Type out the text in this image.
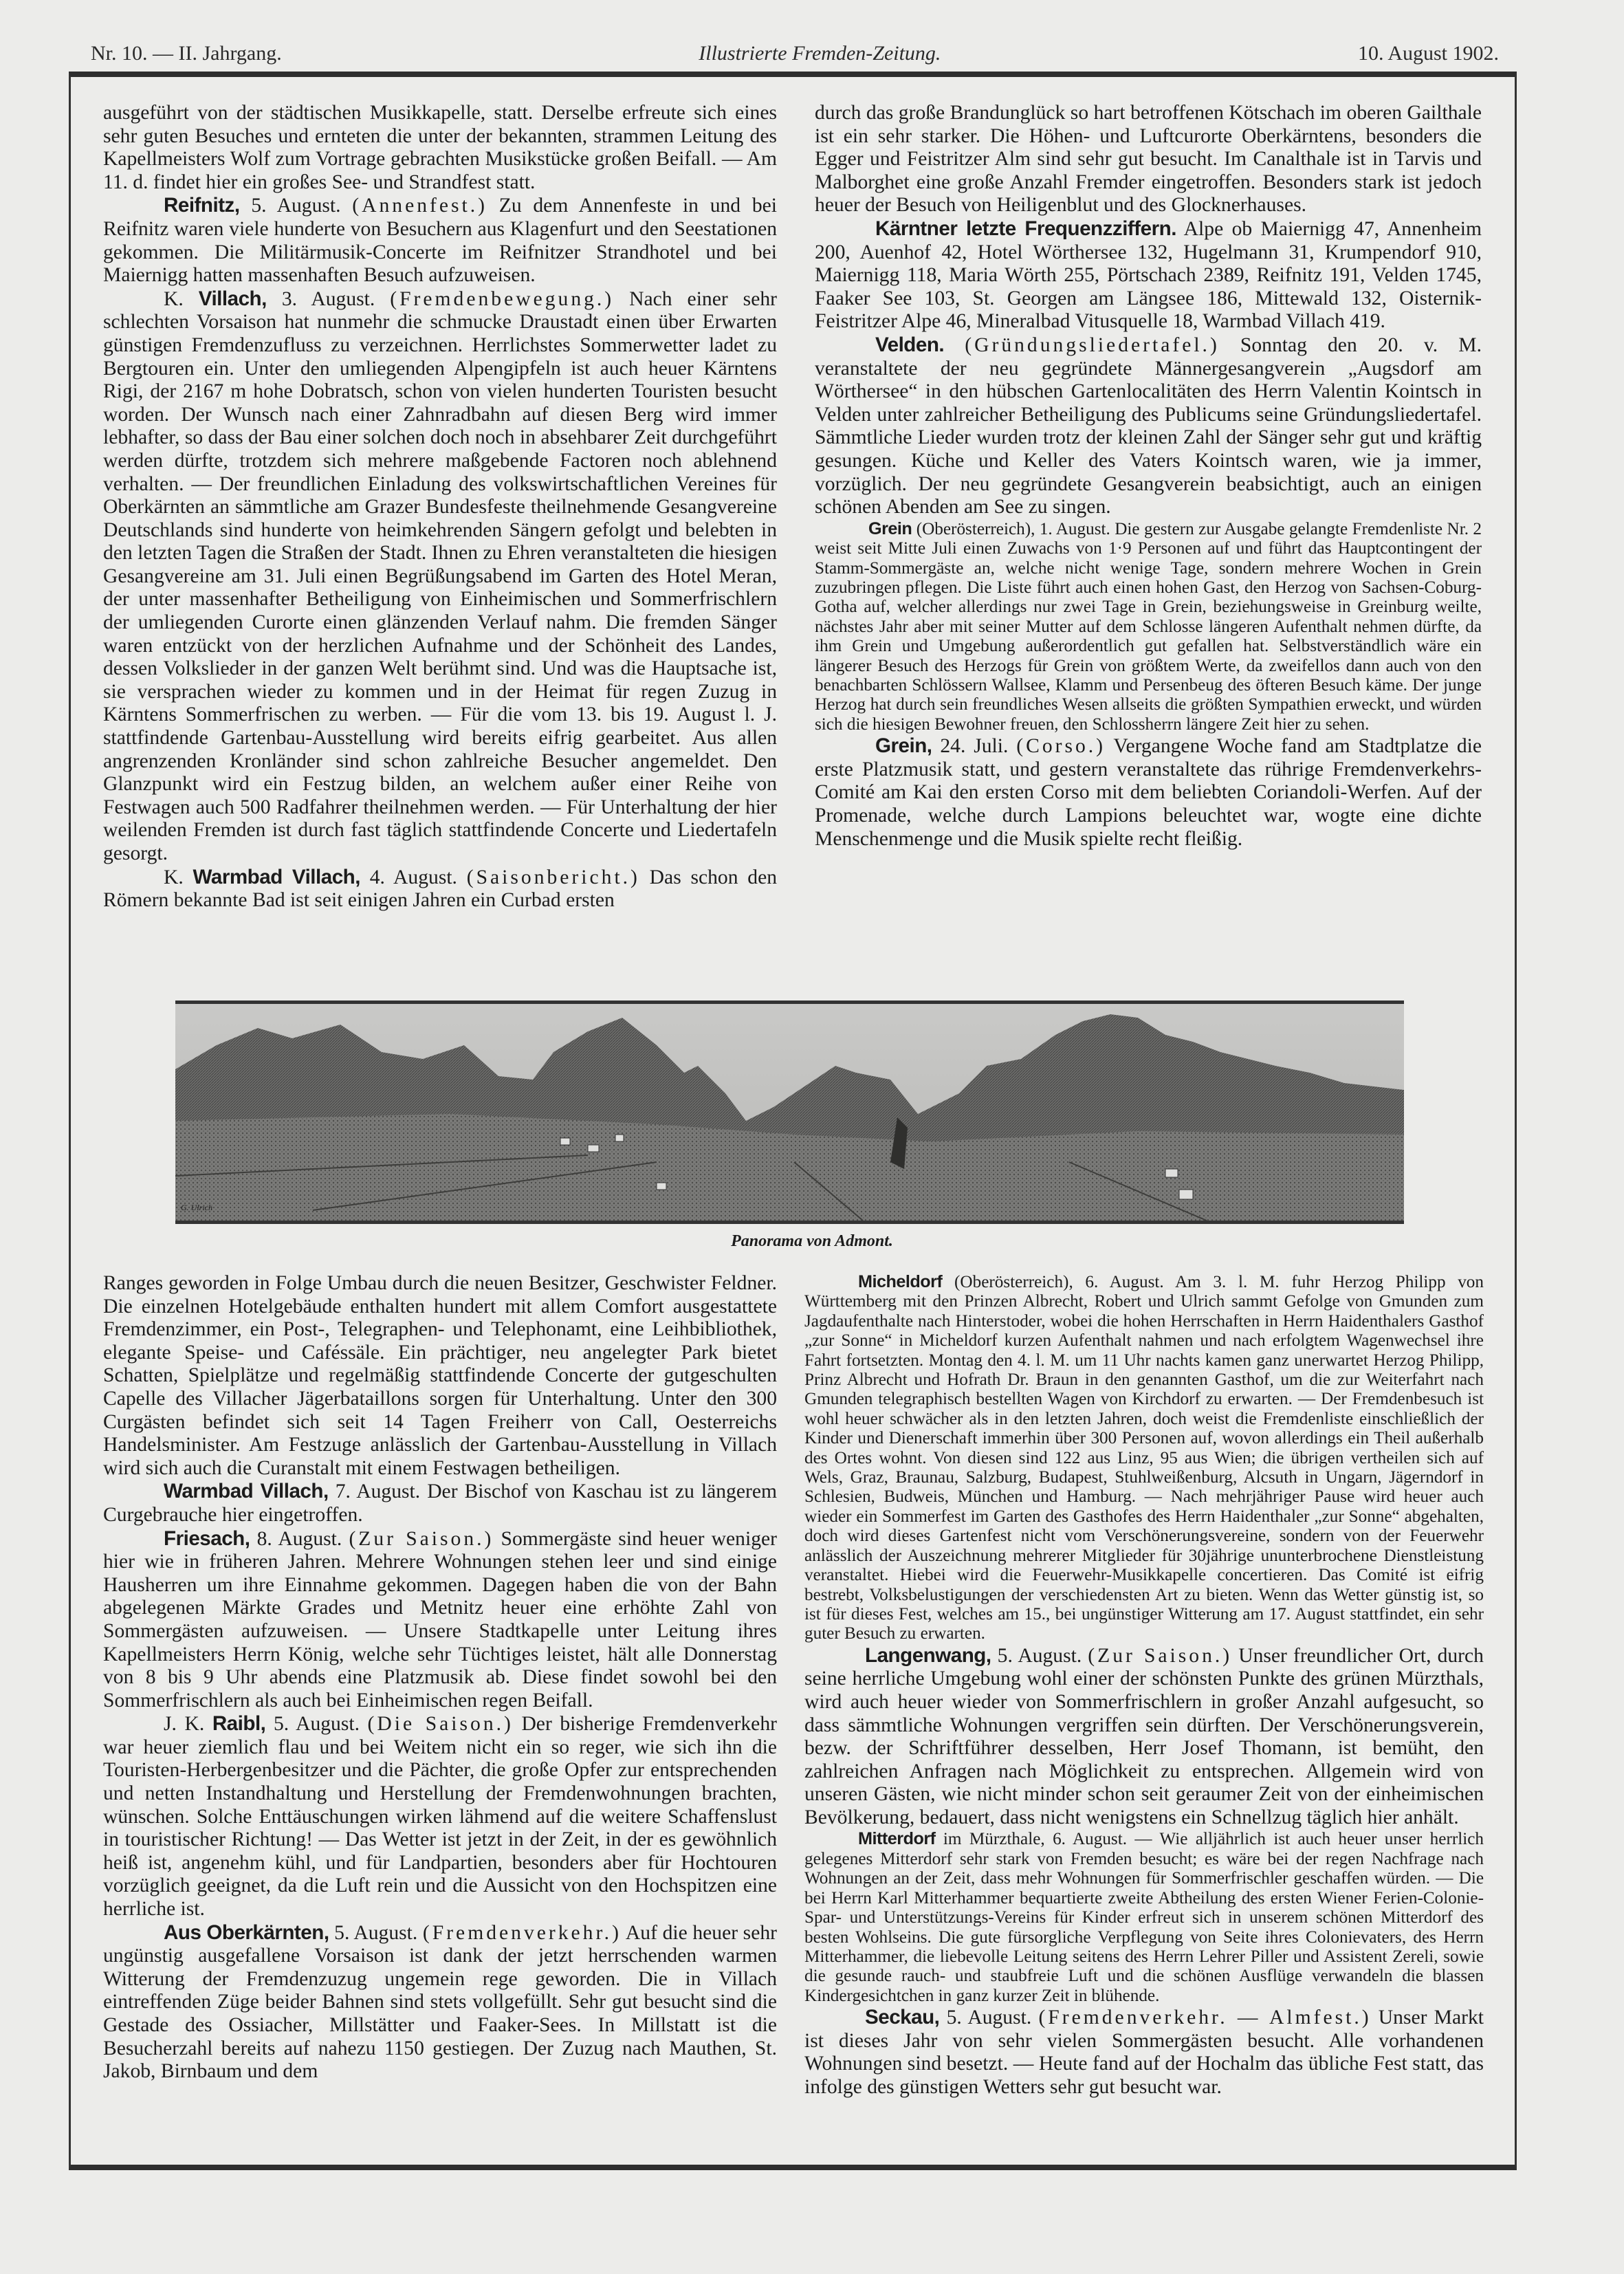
Nr. 10. — II. Jahrgang.	Illustrierte Fremden-Zeitung.	10. August 1902.

ausgeführt von der städtischen Musikkapelle, statt. Derselbe erfreute sich eines sehr guten Besuches und ernteten die unter der bekannten, strammen Leitung des Kapellmeisters Wolf zum Vortrage gebrachten Musikstücke großen Beifall. — Am 11. d. findet hier ein großes See- und Strandfest statt.

Reifnitz, 5. August. (Annenfest.) Zu dem Annenfeste in und bei Reifnitz waren viele hunderte von Besuchern aus Klagenfurt und den Seestationen gekommen. Die Militärmusik-Concerte im Reifnitzer Strandhotel und bei Maiernigg hatten massenhaften Besuch aufzuweisen.

K. Villach, 3. August. (Fremdenbewegung.) Nach einer sehr schlechten Vorsaison hat nunmehr die schmucke Draustadt einen über Erwarten günstigen Fremdenzufluss zu verzeichnen. Herrlichstes Sommerwetter ladet zu Bergtouren ein. Unter den umliegenden Alpengipfeln ist auch heuer Kärntens Rigi, der 2167 m hohe Dobratsch, schon von vielen hunderten Touristen besucht worden. Der Wunsch nach einer Zahnradbahn auf diesen Berg wird immer lebhafter, so dass der Bau einer solchen doch noch in absehbarer Zeit durchgeführt werden dürfte, trotzdem sich mehrere maßgebende Factoren noch ablehnend verhalten. — Der freundlichen Einladung des volkswirtschaftlichen Vereines für Oberkärnten an sämmtliche am Grazer Bundesfeste theilnehmende Gesangvereine Deutschlands sind hunderte von heimkehrenden Sängern gefolgt und belebten in den letzten Tagen die Straßen der Stadt. Ihnen zu Ehren veranstalteten die hiesigen Gesangvereine am 31. Juli einen Begrüßungsabend im Garten des Hotel Meran, der unter massenhafter Betheiligung von Einheimischen und Sommerfrischlern der umliegenden Curorte einen glänzenden Verlauf nahm. Die fremden Sänger waren entzückt von der herzlichen Aufnahme und der Schönheit des Landes, dessen Volkslieder in der ganzen Welt berühmt sind. Und was die Hauptsache ist, sie versprachen wieder zu kommen und in der Heimat für regen Zuzug in Kärntens Sommerfrischen zu werben. — Für die vom 13. bis 19. August l. J. stattfindende Gartenbau-Ausstellung wird bereits eifrig gearbeitet. Aus allen angrenzenden Kronländer sind schon zahlreiche Besucher angemeldet. Den Glanzpunkt wird ein Festzug bilden, an welchem außer einer Reihe von Festwagen auch 500 Radfahrer theilnehmen werden. — Für Unterhaltung der hier weilenden Fremden ist durch fast täglich stattfindende Concerte und Liedertafeln gesorgt.

K. Warmbad Villach, 4. August. (Saisonbericht.) Das schon den Römern bekannte Bad ist seit einigen Jahren ein Curbad ersten

durch das große Brandunglück so hart betroffenen Kötschach im oberen Gailthale ist ein sehr starker. Die Höhen- und Luftcurorte Oberkärntens, besonders die Egger und Feistritzer Alm sind sehr gut besucht. Im Canalthale ist in Tarvis und Malborghet eine große Anzahl Fremder eingetroffen. Besonders stark ist jedoch heuer der Besuch von Heiligenblut und des Glocknerhauses.

Kärntner letzte Frequenzziffern. Alpe ob Maiernigg 47, Annenheim 200, Auenhof 42, Hotel Wörthersee 132, Hugelmann 31, Krumpendorf 910, Maiernigg 118, Maria Wörth 255, Pörtschach 2389, Reifnitz 191, Velden 1745, Faaker See 103, St. Georgen am Längsee 186, Mittewald 132, Oisternik-Feistritzer Alpe 46, Mineralbad Vitusquelle 18, Warmbad Villach 419.

Velden. (Gründungsliedertafel.) Sonntag den 20. v. M. veranstaltete der neu gegründete Männergesangverein „Augsdorf am Wörthersee“ in den hübschen Gartenlocalitäten des Herrn Valentin Kointsch in Velden unter zahlreicher Betheiligung des Publicums seine Gründungsliedertafel. Sämmtliche Lieder wurden trotz der kleinen Zahl der Sänger sehr gut und kräftig gesungen. Küche und Keller des Vaters Kointsch waren, wie ja immer, vorzüglich. Der neu gegründete Gesangverein beabsichtigt, auch an einigen schönen Abenden am See zu singen.

Grein (Oberösterreich), 1. August. Die gestern zur Ausgabe gelangte Fremdenliste Nr. 2 weist seit Mitte Juli einen Zuwachs von 1·9 Personen auf und führt das Hauptcontingent der Stamm-Sommergäste an, welche nicht wenige Tage, sondern mehrere Wochen in Grein zuzubringen pflegen. Die Liste führt auch einen hohen Gast, den Herzog von Sachsen-Coburg-Gotha auf, welcher allerdings nur zwei Tage in Grein, beziehungsweise in Greinburg weilte, nächstes Jahr aber mit seiner Mutter auf dem Schlosse längeren Aufenthalt nehmen dürfte, da ihm Grein und Umgebung außerordentlich gut gefallen hat. Selbstverständlich wäre ein längerer Besuch des Herzogs für Grein von größtem Werte, da zweifellos dann auch von den benachbarten Schlössern Wallsee, Klamm und Persenbeug des öfteren Besuch käme. Der junge Herzog hat durch sein freundliches Wesen allseits die größten Sympathien erweckt, und würden sich die hiesigen Bewohner freuen, den Schlossherrn längere Zeit hier zu sehen.

Grein, 24. Juli. (Corso.) Vergangene Woche fand am Stadtplatze die erste Platzmusik statt, und gestern veranstaltete das rührige Fremdenverkehrs-Comité am Kai den ersten Corso mit dem beliebten Coriandoli-Werfen. Auf der Promenade, welche durch Lampions beleuchtet war, wogte eine dichte Menschenmenge und die Musik spielte recht fleißig.

G. Ulrich
Panorama von Admont.

Ranges geworden in Folge Umbau durch die neuen Besitzer, Geschwister Feldner. Die einzelnen Hotelgebäude enthalten hundert mit allem Comfort ausgestattete Fremdenzimmer, ein Post-, Telegraphen- und Telephonamt, eine Leihbibliothek, elegante Speise- und Caféssäle. Ein prächtiger, neu angelegter Park bietet Schatten, Spielplätze und regelmäßig stattfindende Concerte der gutgeschulten Capelle des Villacher Jägerbataillons sorgen für Unterhaltung. Unter den 300 Curgästen befindet sich seit 14 Tagen Freiherr von Call, Oesterreichs Handelsminister. Am Festzuge anlässlich der Gartenbau-Ausstellung in Villach wird sich auch die Curanstalt mit einem Festwagen betheiligen.

Warmbad Villach, 7. August. Der Bischof von Kaschau ist zu längerem Curgebrauche hier eingetroffen.

Friesach, 8. August. (Zur Saison.) Sommergäste sind heuer weniger hier wie in früheren Jahren. Mehrere Wohnungen stehen leer und sind einige Hausherren um ihre Einnahme gekommen. Dagegen haben die von der Bahn abgelegenen Märkte Grades und Metnitz heuer eine erhöhte Zahl von Sommergästen aufzuweisen. — Unsere Stadtkapelle unter Leitung ihres Kapellmeisters Herrn König, welche sehr Tüchtiges leistet, hält alle Donnerstag von 8 bis 9 Uhr abends eine Platzmusik ab. Diese findet sowohl bei den Sommerfrischlern als auch bei Einheimischen regen Beifall.

J. K. Raibl, 5. August. (Die Saison.) Der bisherige Fremdenverkehr war heuer ziemlich flau und bei Weitem nicht ein so reger, wie sich ihn die Touristen-Herbergenbesitzer und die Pächter, die große Opfer zur entsprechenden und netten Instandhaltung und Herstellung der Fremdenwohnungen brachten, wünschen. Solche Enttäuschungen wirken lähmend auf die weitere Schaffenslust in touristischer Richtung! — Das Wetter ist jetzt in der Zeit, in der es gewöhnlich heiß ist, angenehm kühl, und für Landpartien, besonders aber für Hochtouren vorzüglich geeignet, da die Luft rein und die Aussicht von den Hochspitzen eine herrliche ist.

Aus Oberkärnten, 5. August. (Fremdenverkehr.) Auf die heuer sehr ungünstig ausgefallene Vorsaison ist dank der jetzt herrschenden warmen Witterung der Fremdenzuzug ungemein rege geworden. Die in Villach eintreffenden Züge beider Bahnen sind stets vollgefüllt. Sehr gut besucht sind die Gestade des Ossiacher, Millstätter und Faaker-Sees. In Millstatt ist die Besucherzahl bereits auf nahezu 1150 gestiegen. Der Zuzug nach Mauthen, St. Jakob, Birnbaum und dem

Micheldorf (Oberösterreich), 6. August. Am 3. l. M. fuhr Herzog Philipp von Württemberg mit den Prinzen Albrecht, Robert und Ulrich sammt Gefolge von Gmunden zum Jagdaufenthalte nach Hinterstoder, wobei die hohen Herrschaften in Herrn Haidenthalers Gasthof „zur Sonne“ in Micheldorf kurzen Aufenthalt nahmen und nach erfolgtem Wagenwechsel ihre Fahrt fortsetzten. Montag den 4. l. M. um 11 Uhr nachts kamen ganz unerwartet Herzog Philipp, Prinz Albrecht und Hofrath Dr. Braun in den genannten Gasthof, um die zur Weiterfahrt nach Gmunden telegraphisch bestellten Wagen von Kirchdorf zu erwarten. — Der Fremdenbesuch ist wohl heuer schwächer als in den letzten Jahren, doch weist die Fremdenliste einschließlich der Kinder und Dienerschaft immerhin über 300 Personen auf, wovon allerdings ein Theil außerhalb des Ortes wohnt. Von diesen sind 122 aus Linz, 95 aus Wien; die übrigen vertheilen sich auf Wels, Graz, Braunau, Salzburg, Budapest, Stuhlweißenburg, Alcsuth in Ungarn, Jägerndorf in Schlesien, Budweis, München und Hamburg. — Nach mehrjähriger Pause wird heuer auch wieder ein Sommerfest im Garten des Gasthofes des Herrn Haidenthaler „zur Sonne“ abgehalten, doch wird dieses Gartenfest nicht vom Verschönerungsvereine, sondern von der Feuerwehr anlässlich der Auszeichnung mehrerer Mitglieder für 30jährige ununterbrochene Dienstleistung veranstaltet. Hiebei wird die Feuerwehr-Musikkapelle concertieren. Das Comité ist eifrig bestrebt, Volksbelustigungen der verschiedensten Art zu bieten. Wenn das Wetter günstig ist, so ist für dieses Fest, welches am 15., bei ungünstiger Witterung am 17. August stattfindet, ein sehr guter Besuch zu erwarten.

Langenwang, 5. August. (Zur Saison.) Unser freundlicher Ort, durch seine herrliche Umgebung wohl einer der schönsten Punkte des grünen Mürzthals, wird auch heuer wieder von Sommerfrischlern in großer Anzahl aufgesucht, so dass sämmtliche Wohnungen vergriffen sein dürften. Der Verschönerungsverein, bezw. der Schriftführer desselben, Herr Josef Thomann, ist bemüht, den zahlreichen Anfragen nach Möglichkeit zu entsprechen. Allgemein wird von unseren Gästen, wie nicht minder schon seit geraumer Zeit von der einheimischen Bevölkerung, bedauert, dass nicht wenigstens ein Schnellzug täglich hier anhält.

Mitterdorf im Mürzthale, 6. August. — Wie alljährlich ist auch heuer unser herrlich gelegenes Mitterdorf sehr stark von Fremden besucht; es wäre bei der regen Nachfrage nach Wohnungen an der Zeit, dass mehr Wohnungen für Sommerfrischler geschaffen würden. — Die bei Herrn Karl Mitterhammer bequartierte zweite Abtheilung des ersten Wiener Ferien-Colonie-Spar- und Unterstützungs-Vereins für Kinder erfreut sich in unserem schönen Mitterdorf des besten Wohlseins. Die gute fürsorgliche Verpflegung von Seite ihres Colonievaters, des Herrn Mitterhammer, die liebevolle Leitung seitens des Herrn Lehrer Piller und Assistent Zereli, sowie die gesunde rauch- und staubfreie Luft und die schönen Ausflüge verwandeln die blassen Kindergesichtchen in ganz kurzer Zeit in blühende.

Seckau, 5. August. (Fremdenverkehr. — Almfest.) Unser Markt ist dieses Jahr von sehr vielen Sommergästen besucht. Alle vorhandenen Wohnungen sind besetzt. — Heute fand auf der Hochalm das übliche Fest statt, das infolge des günstigen Wetters sehr gut besucht war.
